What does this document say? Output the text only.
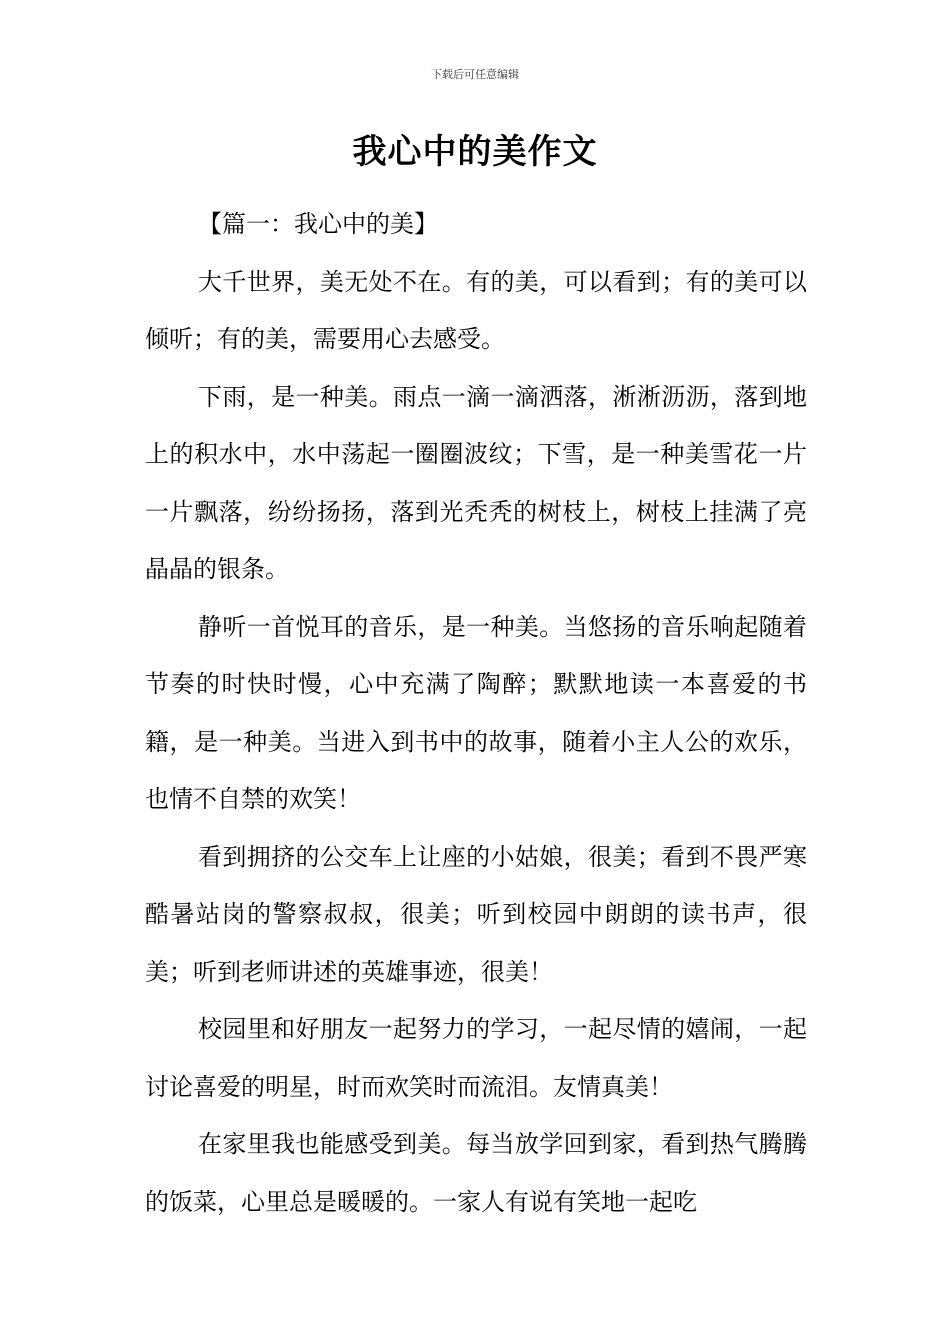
下载后可任意编辑
我心中的美作文

【篇一：我心中的美】

大千世界，美无处不在。有的美，可以看到；有的美可以倾听；有的美，需要用心去感受。

下雨，是一种美。雨点一滴一滴洒落，淅淅沥沥，落到地上的积水中，水中荡起一圈圈波纹；下雪，是一种美雪花一片一片飘落，纷纷扬扬，落到光秃秃的树枝上，树枝上挂满了亮晶晶的银条。

静听一首悦耳的音乐，是一种美。当悠扬的音乐响起随着节奏的时快时慢，心中充满了陶醉；默默地读一本喜爱的书籍，是一种美。当进入到书中的故事，随着小主人公的欢乐，也情不自禁的欢笑！

看到拥挤的公交车上让座的小姑娘，很美；看到不畏严寒酷暑站岗的警察叔叔，很美；听到校园中朗朗的读书声，很美；听到老师讲述的英雄事迹，很美！

校园里和好朋友一起努力的学习，一起尽情的嬉闹，一起讨论喜爱的明星，时而欢笑时而流泪。友情真美！

在家里我也能感受到美。每当放学回到家，看到热气腾腾的饭菜，心里总是暖暖的。一家人有说有笑地一起吃
